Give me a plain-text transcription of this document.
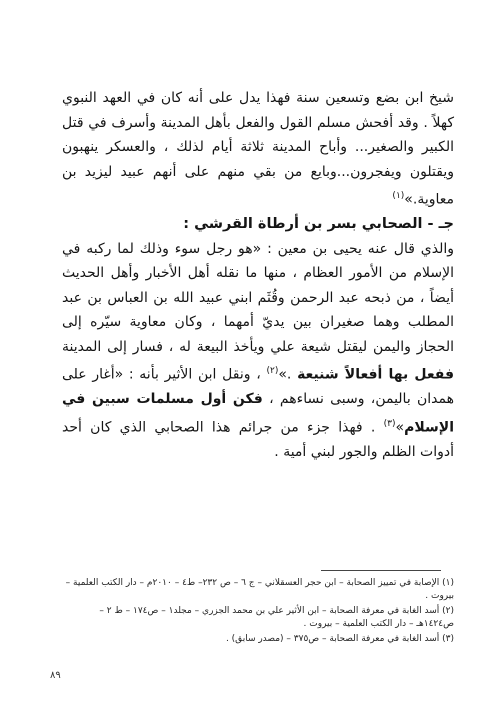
شيخ ابن بضع وتسعين سنة فهذا يدل على أنه كان في العهد النبوي كهلاً . وقد أفحش مسلم القول والفعل بأهل المدينة وأسرف في قتل الكبير والصغير... وأباح المدينة ثلاثة أيام لذلك ، والعسكر ينهبون ويقتلون ويفجرون...وبايع من بقي منهم على أنهم عبيد ليزيد بن معاوية.»$^{(١)}$

جـ - الصحابي بسر بن أرطاة القرشي :

والذي قال عنه يحيى بن معين : «هو رجل سوء وذلك لما ركبه في الإسلام من الأمور العظام ، منها ما نقله أهل الأخبار وأهل الحديث أيضاً ، من ذبحه عبد الرحمن وقُثَم ابني عبيد الله بن العباس بن عبد المطلب وهما صغيران بين يديّ أمهما ، وكان معاوية سيّره إلى الحجاز واليمن ليقتل شيعة علي ويأخذ البيعة له ، فسار إلى المدينة ففعل بها أفعالاً شنيعة .»$^{(٢)}$ ، ونقل ابن الأثير بأنه : «أغار على همدان باليمن، وسبى نساءهم ، فكن أول مسلمات سبين في الإسلام»$^{(٣)}$ . فهذا جزء من جرائم هذا الصحابي الذي كان أحد أدوات الظلم والجور لبني أمية .

(١) الإصابة في تمييز الصحابة – ابن حجر العسقلاني – ج ٦ – ص ٢٣٢– ط٤ – ٢٠١٠م – دار الكتب العلمية – بيروت .

(٢) أسد الغابة في معرفة الصحابة – ابن الأثير علي بن محمد الجزري – مجلد١ – ص١٧٤ – ط ٢ – ص١٤٢٤هـ – دار الكتب العلمية – بيروت .

(٣) أسد الغابة في معرفة الصحابة – ص٣٧٥ – (مصدر سابق) .

٨٩
